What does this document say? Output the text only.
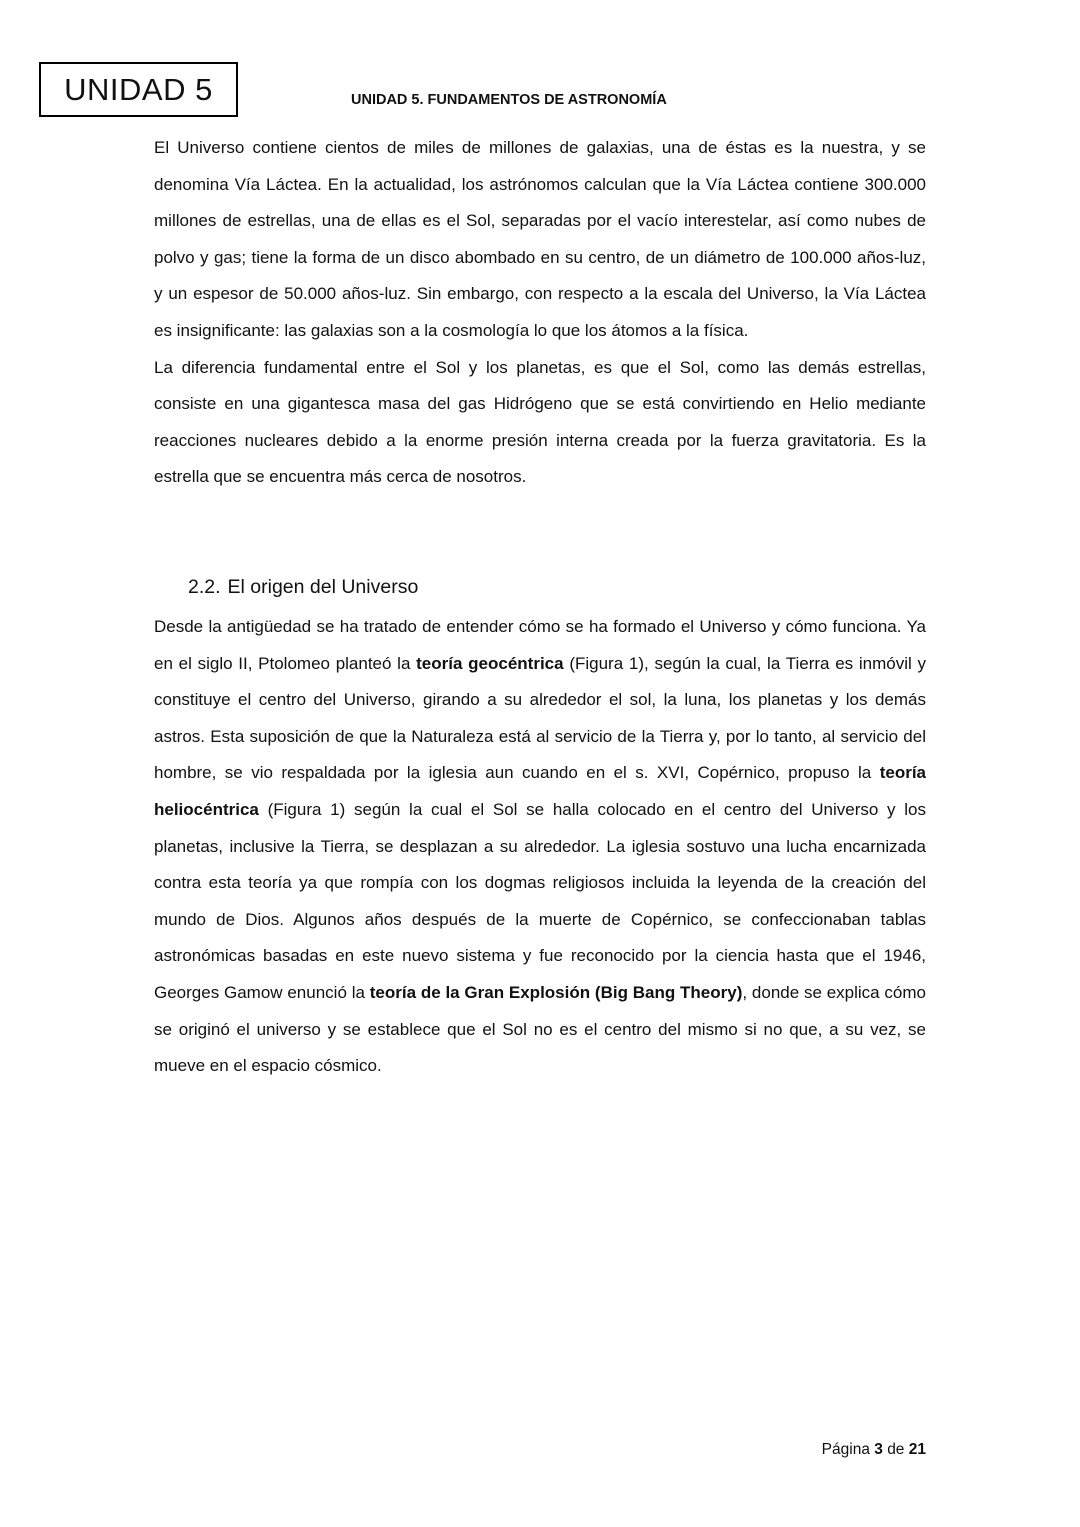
UNIDAD 5	UNIDAD 5. FUNDAMENTOS DE ASTRONOMÍA

El Universo contiene cientos de miles de millones de galaxias, una de éstas es la nuestra, y se denomina Vía Láctea. En la actualidad, los astrónomos calculan que la Vía Láctea contiene 300.000 millones de estrellas, una de ellas es el Sol, separadas por el vacío interestelar, así como nubes de polvo y gas; tiene la forma de un disco abombado en su centro, de un diámetro de 100.000 años-luz, y un espesor de 50.000 años-luz. Sin embargo, con respecto a la escala del Universo, la Vía Láctea es insignificante: las galaxias son a la cosmología lo que los átomos a la física.

La diferencia fundamental entre el Sol y los planetas, es que el Sol, como las demás estrellas, consiste en una gigantesca masa del gas Hidrógeno que se está convirtiendo en Helio mediante reacciones nucleares debido a la enorme presión interna creada por la fuerza gravitatoria. Es la estrella que se encuentra más cerca de nosotros.

2.2. El origen del Universo

Desde la antigüedad se ha tratado de entender cómo se ha formado el Universo y cómo funciona. Ya en el siglo II, Ptolomeo planteó la teoría geocéntrica (Figura 1), según la cual, la Tierra es inmóvil y constituye el centro del Universo, girando a su alrededor el sol, la luna, los planetas y los demás astros. Esta suposición de que la Naturaleza está al servicio de la Tierra y, por lo tanto, al servicio del hombre, se vio respaldada por la iglesia aun cuando en el s. XVI, Copérnico, propuso la teoría heliocéntrica (Figura 1) según la cual el Sol se halla colocado en el centro del Universo y los planetas, inclusive la Tierra, se desplazan a su alrededor. La iglesia sostuvo una lucha encarnizada contra esta teoría ya que rompía con los dogmas religiosos incluida la leyenda de la creación del mundo de Dios. Algunos años después de la muerte de Copérnico, se confeccionaban tablas astronómicas basadas en este nuevo sistema y fue reconocido por la ciencia hasta que el 1946, Georges Gamow enunció la teoría de la Gran Explosión (Big Bang Theory), donde se explica cómo se originó el universo y se establece que el Sol no es el centro del mismo si no que, a su vez, se mueve en el espacio cósmico.

Página 3 de 21
